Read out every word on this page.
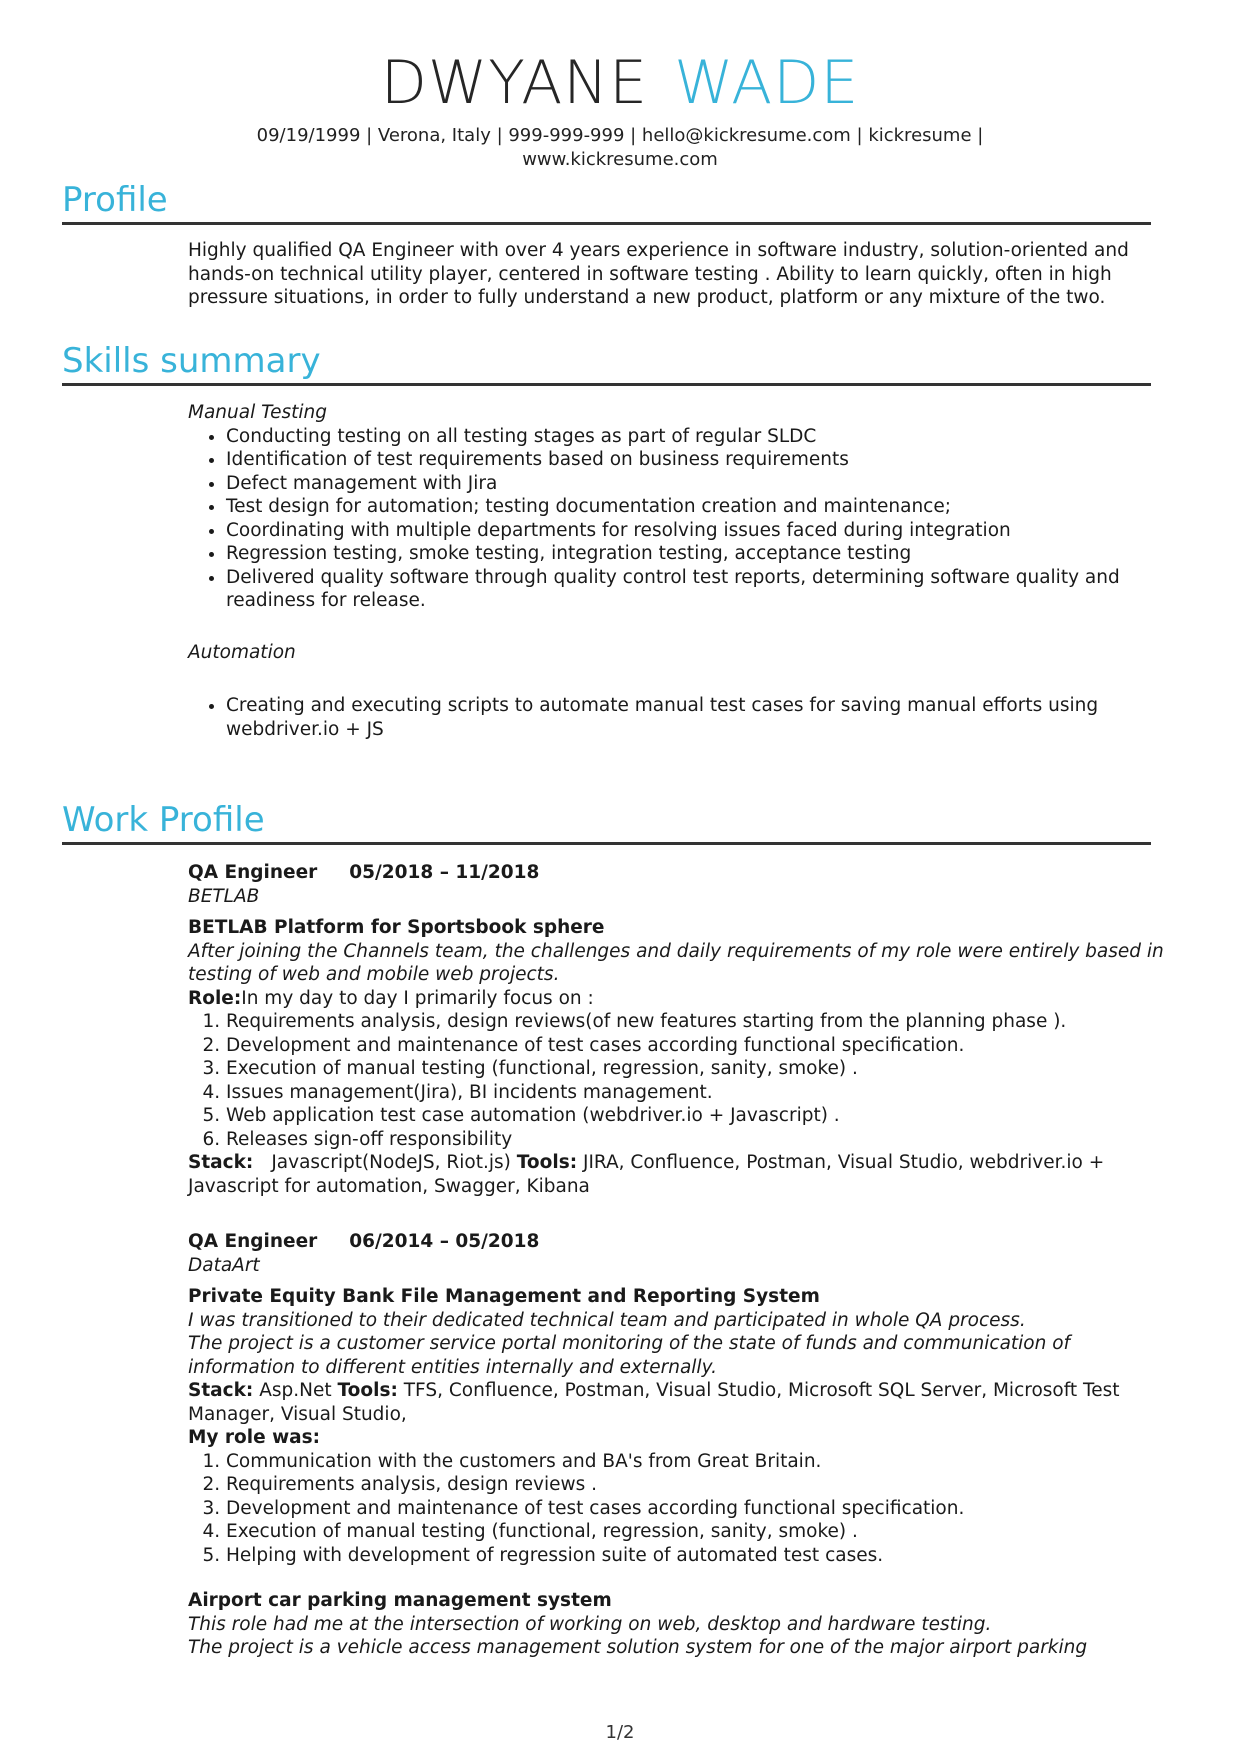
DWYANE WADE
09/19/1999 | Verona, Italy | 999-999-999 | hello@kickresume.com | kickresume |
www.kickresume.com
Profile
Highly qualified QA Engineer with over 4 years experience in software industry, solution-oriented and hands-on technical utility player, centered in software testing . Ability to learn quickly, often in high pressure situations, in order to fully understand a new product, platform or any mixture of the two.
Skills summary

Manual Testing

• Conducting testing on all testing stages as part of regular SLDC
• Identification of test requirements based on business requirements
• Defect management with Jira
• Test design for automation; testing documentation creation and maintenance;
• Coordinating with multiple departments for resolving issues faced during integration
• Regression testing, smoke testing, integration testing, acceptance testing
• Delivered quality software through quality control test reports, determining software quality and readiness for release.

Automation

• Creating and executing scripts to automate manual test cases for saving manual efforts using webdriver.io + JS
Work Profile

QA Engineer 05/2018 – 11/2018

BETLAB

BETLAB Platform for Sportsbook sphere

After joining the Channels team, the challenges and daily requirements of my role were entirely based in testing of web and mobile web projects.

Role:In my day to day I primarily focus on :

1. Requirements analysis, design reviews(of new features starting from the planning phase ).
2. Development and maintenance of test cases according functional specification.
3. Execution of manual testing (functional, regression, sanity, smoke) .
4. Issues management(Jira), BI incidents management.
5. Web application test case automation (webdriver.io + Javascript) .
6. Releases sign-off responsibility

Stack: Javascript(NodeJS, Riot.js) Tools: JIRA, Confluence, Postman, Visual Studio, webdriver.io + Javascript for automation, Swagger, Kibana

QA Engineer 06/2014 – 05/2018

DataArt

Private Equity Bank File Management and Reporting System

I was transitioned to their dedicated technical team and participated in whole QA process.

The project is a customer service portal monitoring of the state of funds and communication of information to different entities internally and externally.

Stack: Asp.Net Tools: TFS, Confluence, Postman, Visual Studio, Microsoft SQL Server, Microsoft Test Manager, Visual Studio,

My role was:

1. Communication with the customers and BA's from Great Britain.
2. Requirements analysis, design reviews .
3. Development and maintenance of test cases according functional specification.
4. Execution of manual testing (functional, regression, sanity, smoke) .
5. Helping with development of regression suite of automated test cases.

Airport car parking management system

This role had me at the intersection of working on web, desktop and hardware testing.

The project is a vehicle access management solution system for one of the major airport parking

1/2
